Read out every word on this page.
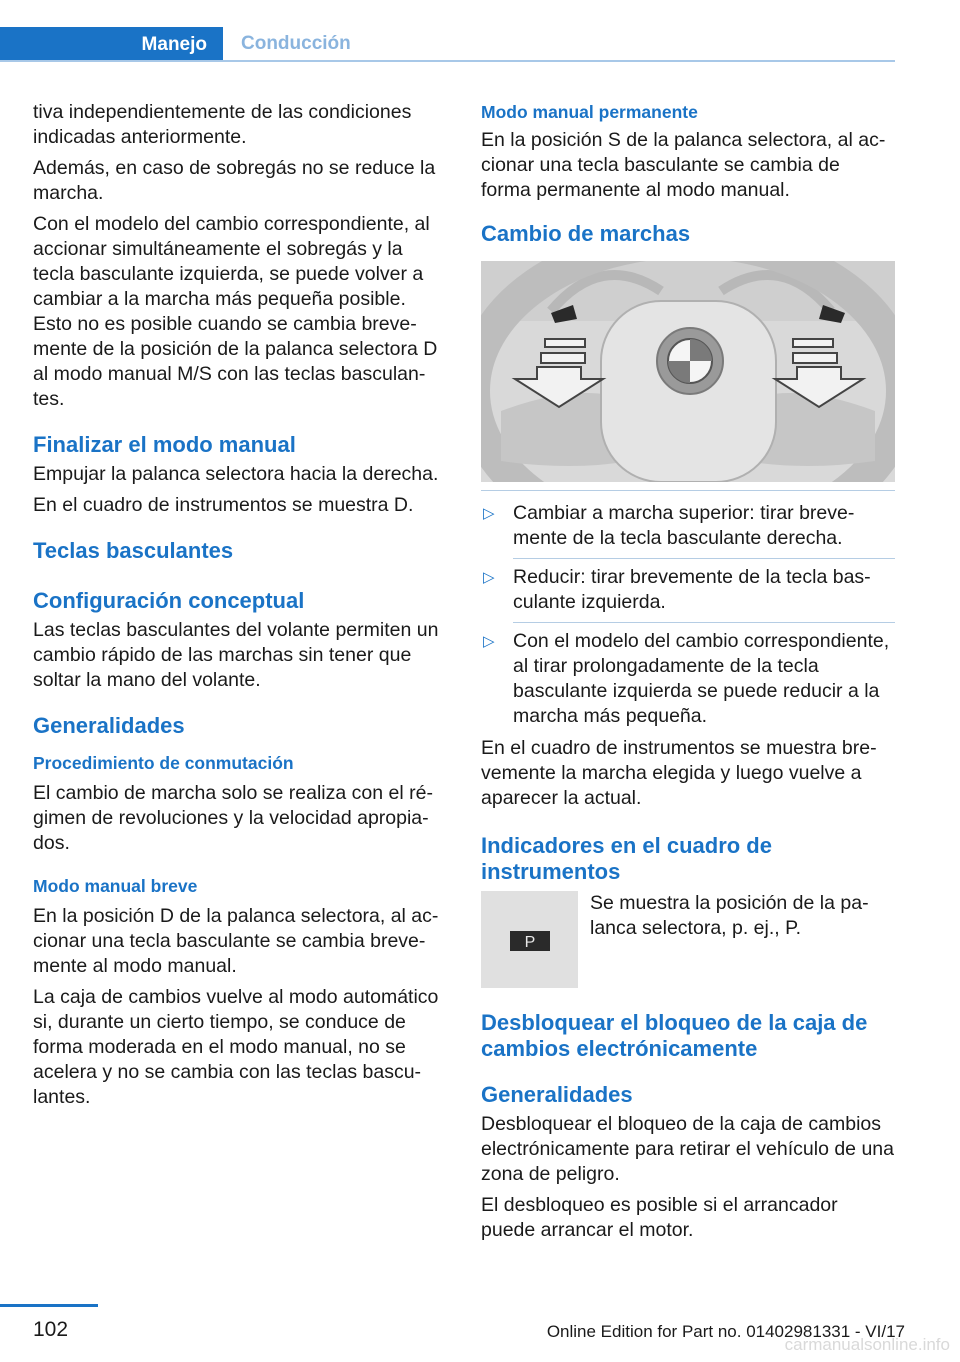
Manejo	Conducción

tiva independientemente de las condiciones indicadas anteriormente.

Además, en caso de sobregás no se reduce la marcha.

Con el modelo del cambio correspondiente, al accionar simultáneamente el sobregás y la tecla basculante izquierda, se puede volver a cambiar a la marcha más pequeña posible. Esto no es posible cuando se cambia brevemente de la posición de la palanca selectora D al modo manual M/S con las teclas basculantes.

Finalizar el modo manual

Empujar la palanca selectora hacia la derecha.

En el cuadro de instrumentos se muestra D.

Teclas basculantes
Configuración conceptual

Las teclas basculantes del volante permiten un cambio rápido de las marchas sin tener que soltar la mano del volante.

Generalidades
Procedimiento de conmutación

El cambio de marcha solo se realiza con el régimen de revoluciones y la velocidad apropiados.

Modo manual breve

En la posición D de la palanca selectora, al accionar una tecla basculante se cambia brevemente al modo manual.

La caja de cambios vuelve al modo automático si, durante un cierto tiempo, se conduce de forma moderada en el modo manual, no se acelera y no se cambia con las teclas basculantes.

Modo manual permanente

En la posición S de la palanca selectora, al accionar una tecla basculante se cambia de forma permanente al modo manual.

Cambio de marchas
▷ Cambiar a marcha superior: tirar brevemente de la tecla basculante derecha.
▷ Reducir: tirar brevemente de la tecla basculante izquierda.
▷ Con el modelo del cambio correspondiente, al tirar prolongadamente de la tecla basculante izquierda se puede reducir a la marcha más pequeña.

En el cuadro de instrumentos se muestra brevemente la marcha elegida y luego vuelve a aparecer la actual.

Indicadores en el cuadro de instrumentos
P

Se muestra la posición de la palanca selectora, p. ej., P.

Desbloquear el bloqueo de la caja de cambios electrónicamente
Generalidades

Desbloquear el bloqueo de la caja de cambios electrónicamente para retirar el vehículo de una zona de peligro.

El desbloqueo es posible si el arrancador puede arrancar el motor.

102	Online Edition for Part no. 01402981331 - VI/17
carmanualsonline.info
